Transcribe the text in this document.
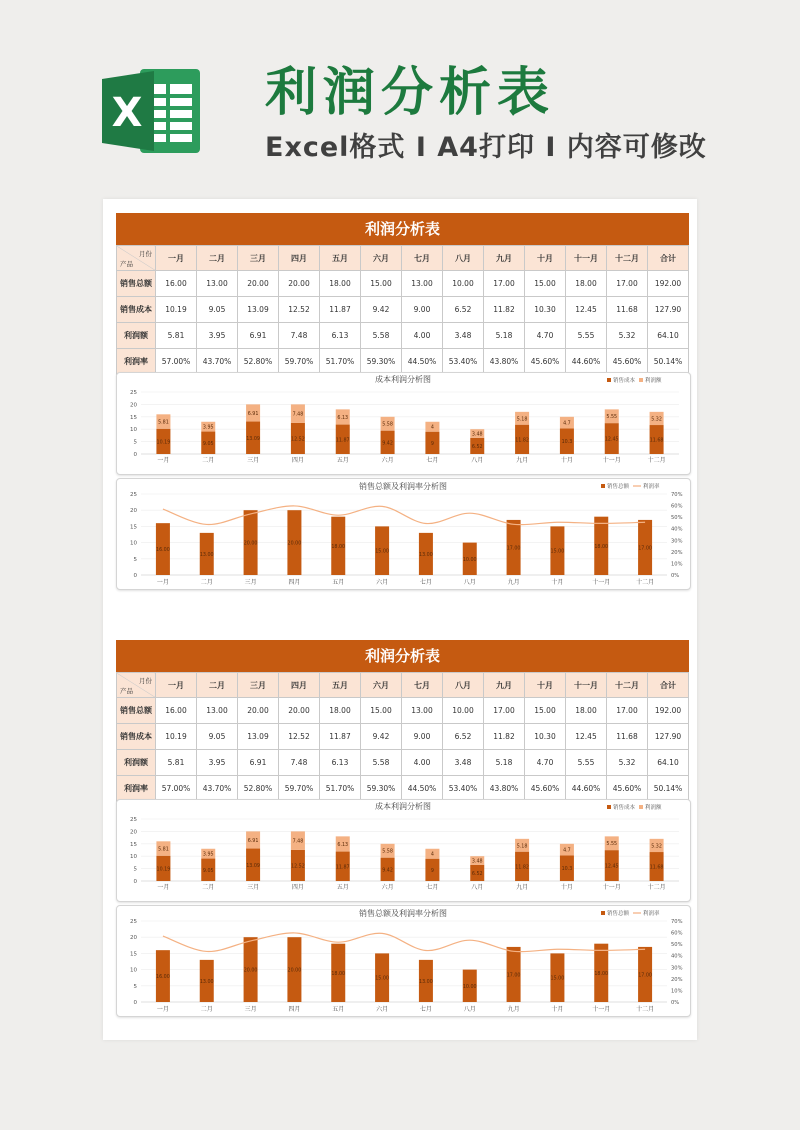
X 利润分析表
Excel格式 I A4打印 I 内容可修改
利润分析表
月份
产品	一月	二月	三月	四月	五月	六月	七月	八月	九月	十月	十一月	十二月	合计
销售总额	16.00	13.00	20.00	20.00	18.00	15.00	13.00	10.00	17.00	15.00	18.00	17.00	192.00
销售成本	10.19	9.05	13.09	12.52	11.87	9.42	9.00	6.52	11.82	10.30	12.45	11.68	127.90
利润额	5.81	3.95	6.91	7.48	6.13	5.58	4.00	3.48	5.18	4.70	5.55	5.32	64.10
利润率	57.00%	43.70%	52.80%	59.70%	51.70%	59.30%	44.50%	53.40%	43.80%	45.60%	44.60%	45.60%	50.14%
成本利润分析图	销售成本 利润额
0
5
10
15
20
25
10.19
5.81
一月
9.05
3.95
二月
13.09
6.91
三月
12.52
7.48
四月
11.87
6.13
五月
9.42
5.58
六月
9
4
七月
6.52
3.48
八月
11.82
5.18
九月
10.3
4.7
十月
12.45
5.55
十一月
11.68
5.32
十二月
销售总额及利润率分析图	销售总额	利润率
0
5
10
15
20
25
0%
10%
20%
30%
40%
50%
60%
70%
16.00
一月
13.00
二月
20.00
三月
20.00
四月
18.00
五月
15.00
六月
13.00
七月
10.00
八月
17.00
九月
15.00
十月
18.00
十一月
17.00
十二月
利润分析表
月份
产品	一月	二月	三月	四月	五月	六月	七月	八月	九月	十月	十一月	十二月	合计
销售总额	16.00	13.00	20.00	20.00	18.00	15.00	13.00	10.00	17.00	15.00	18.00	17.00	192.00
销售成本	10.19	9.05	13.09	12.52	11.87	9.42	9.00	6.52	11.82	10.30	12.45	11.68	127.90
利润额	5.81	3.95	6.91	7.48	6.13	5.58	4.00	3.48	5.18	4.70	5.55	5.32	64.10
利润率	57.00%	43.70%	52.80%	59.70%	51.70%	59.30%	44.50%	53.40%	43.80%	45.60%	44.60%	45.60%	50.14%
成本利润分析图	销售成本 利润额
0
5
10
15
20
25
10.19
5.81
一月
9.05
3.95
二月
13.09
6.91
三月
12.52
7.48
四月
11.87
6.13
五月
9.42
5.58
六月
9
4
七月
6.52
3.48
八月
11.82
5.18
九月
10.3
4.7
十月
12.45
5.55
十一月
11.68
5.32
十二月
销售总额及利润率分析图	销售总额	利润率
0
5
10
15
20
25
0%
10%
20%
30%
40%
50%
60%
70%
16.00
一月
13.00
二月
20.00
三月
20.00
四月
18.00
五月
15.00
六月
13.00
七月
10.00
八月
17.00
九月
15.00
十月
18.00
十一月
17.00
十二月
